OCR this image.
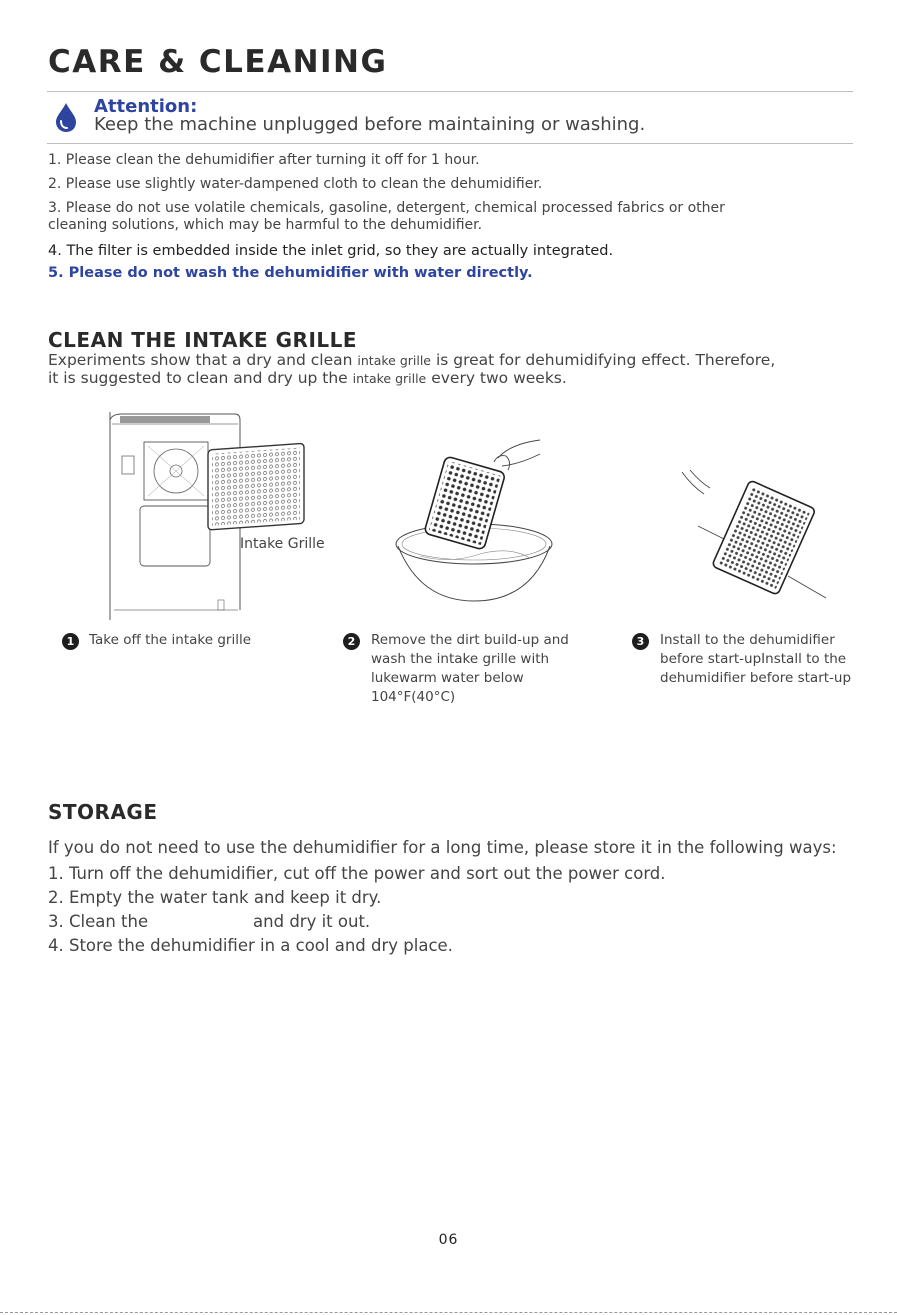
CARE & CLEANING
Attention:
Keep the machine unplugged before maintaining or washing.
1. Please clean the dehumidifier after turning it off for 1 hour.
2. Please use slightly water-dampened cloth to clean the dehumidifier.
3. Please do not use volatile chemicals, gasoline, detergent, chemical processed fabrics or other
cleaning solutions, which may be harmful to the dehumidifier.
4. The filter is embedded inside the inlet grid, so they are actually integrated.
5. Please do not wash the dehumidifier with water directly.
CLEAN THE INTAKE GRILLE
Experiments show that a dry and clean intake grille is great for dehumidifying effect. Therefore,
it is suggested to clean and dry up the intake grille every two weeks.
Intake Grille
1	Take off the intake grille	2	Remove the dirt build-up and wash the intake grille with lukewarm water below 104°F(40°C)
3	Install to the dehumidifier before start-upInstall to the dehumidifier before start-up
STORAGE
If you do not need to use the dehumidifier for a long time, please store it in the following ways:
1. Turn off the dehumidifier, cut off the power and sort out the power cord.
2. Empty the water tank and keep it dry.
3. Clean the                    and dry it out.
4. Store the dehumidifier in a cool and dry place.
06
